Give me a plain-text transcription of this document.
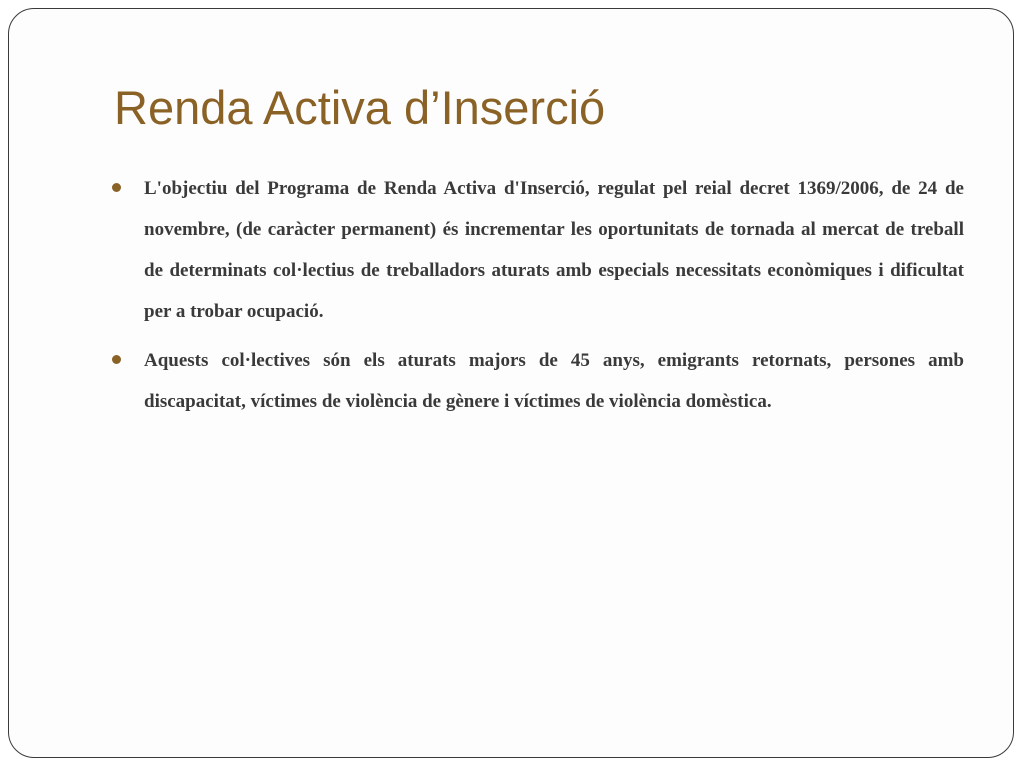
Renda Activa d’Inserció
L'objectiu del Programa de Renda Activa d'Inserció, regulat pel reial decret 1369/2006, de 24 de novembre, (de caràcter permanent) és incrementar les oportunitats de tornada al mercat de treball de determinats col·lectius de treballadors aturats amb especials necessitats econòmiques i dificultat per a trobar ocupació.
Aquests col·lectives són els aturats majors de 45 anys, emigrants retornats, persones amb discapacitat, víctimes de violència de gènere i víctimes de violència domèstica.
